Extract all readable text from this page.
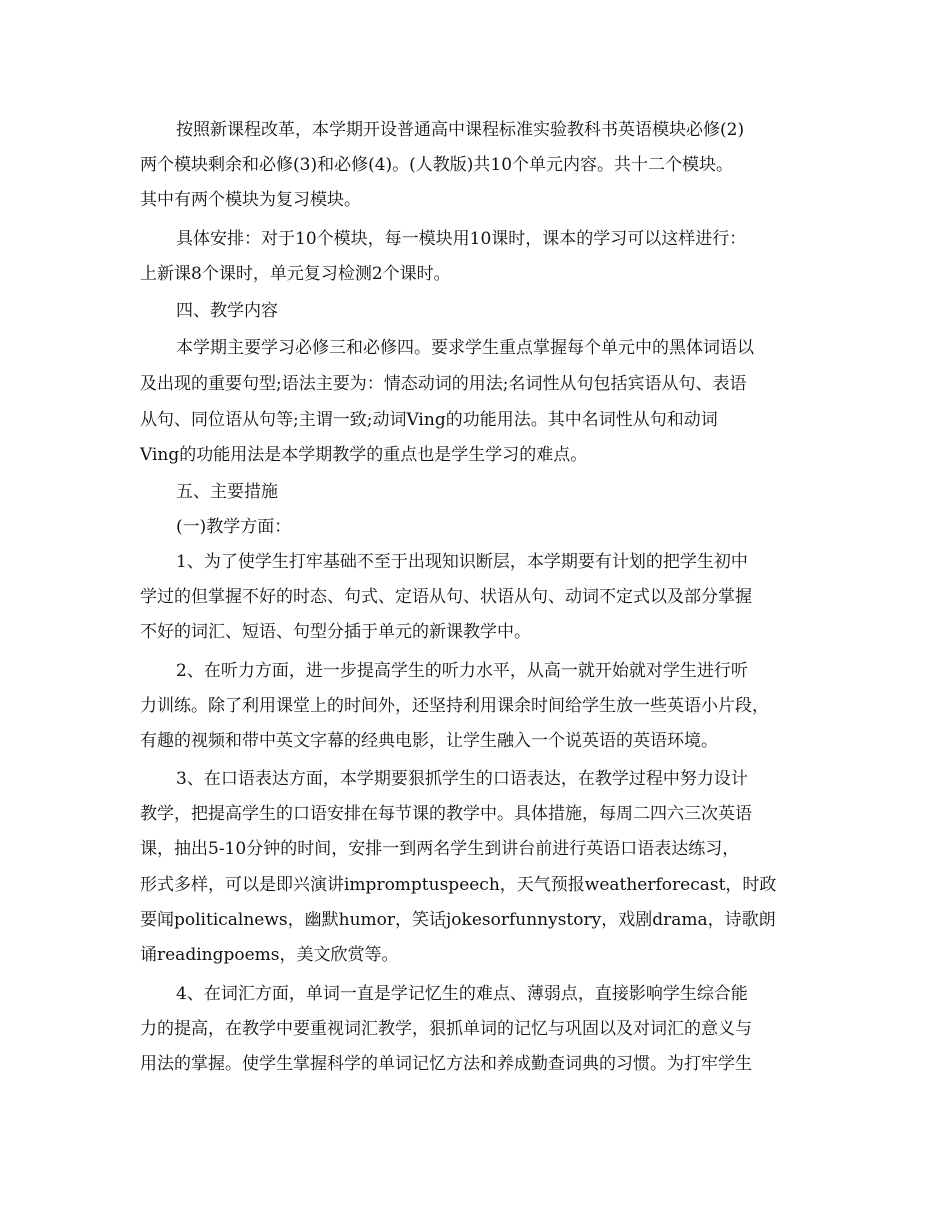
按照新课程改革，本学期开设普通高中课程标准实验教科书英语模块必修(2)
两个模块剩余和必修(3)和必修(4)。(人教版)共10个单元内容。共十二个模块。
其中有两个模块为复习模块。
具体安排：对于10个模块，每一模块用10课时，课本的学习可以这样进行：
上新课8个课时，单元复习检测2个课时。
四、教学内容
本学期主要学习必修三和必修四。要求学生重点掌握每个单元中的黑体词语以
及出现的重要句型;语法主要为：情态动词的用法;名词性从句包括宾语从句、表语
从句、同位语从句等;主谓一致;动词Ving的功能用法。其中名词性从句和动词
Ving的功能用法是本学期教学的重点也是学生学习的难点。
五、主要措施
(一)教学方面：
1、为了使学生打牢基础不至于出现知识断层，本学期要有计划的把学生初中
学过的但掌握不好的时态、句式、定语从句、状语从句、动词不定式以及部分掌握
不好的词汇、短语、句型分插于单元的新课教学中。
2、在听力方面，进一步提高学生的听力水平，从高一就开始就对学生进行听
力训练。除了利用课堂上的时间外，还坚持利用课余时间给学生放一些英语小片段，
有趣的视频和带中英文字幕的经典电影，让学生融入一个说英语的英语环境。
3、在口语表达方面，本学期要狠抓学生的口语表达，在教学过程中努力设计
教学，把提高学生的口语安排在每节课的教学中。具体措施，每周二四六三次英语
课，抽出5-10分钟的时间，安排一到两名学生到讲台前进行英语口语表达练习，
形式多样，可以是即兴演讲impromptuspeech，天气预报weatherforecast，时政
要闻politicalnews，幽默humor，笑话jokesorfunnystory，戏剧drama，诗歌朗
诵readingpoems，美文欣赏等。
4、在词汇方面，单词一直是学记忆生的难点、薄弱点，直接影响学生综合能
力的提高，在教学中要重视词汇教学，狠抓单词的记忆与巩固以及对词汇的意义与
用法的掌握。使学生掌握科学的单词记忆方法和养成勤查词典的习惯。为打牢学生
